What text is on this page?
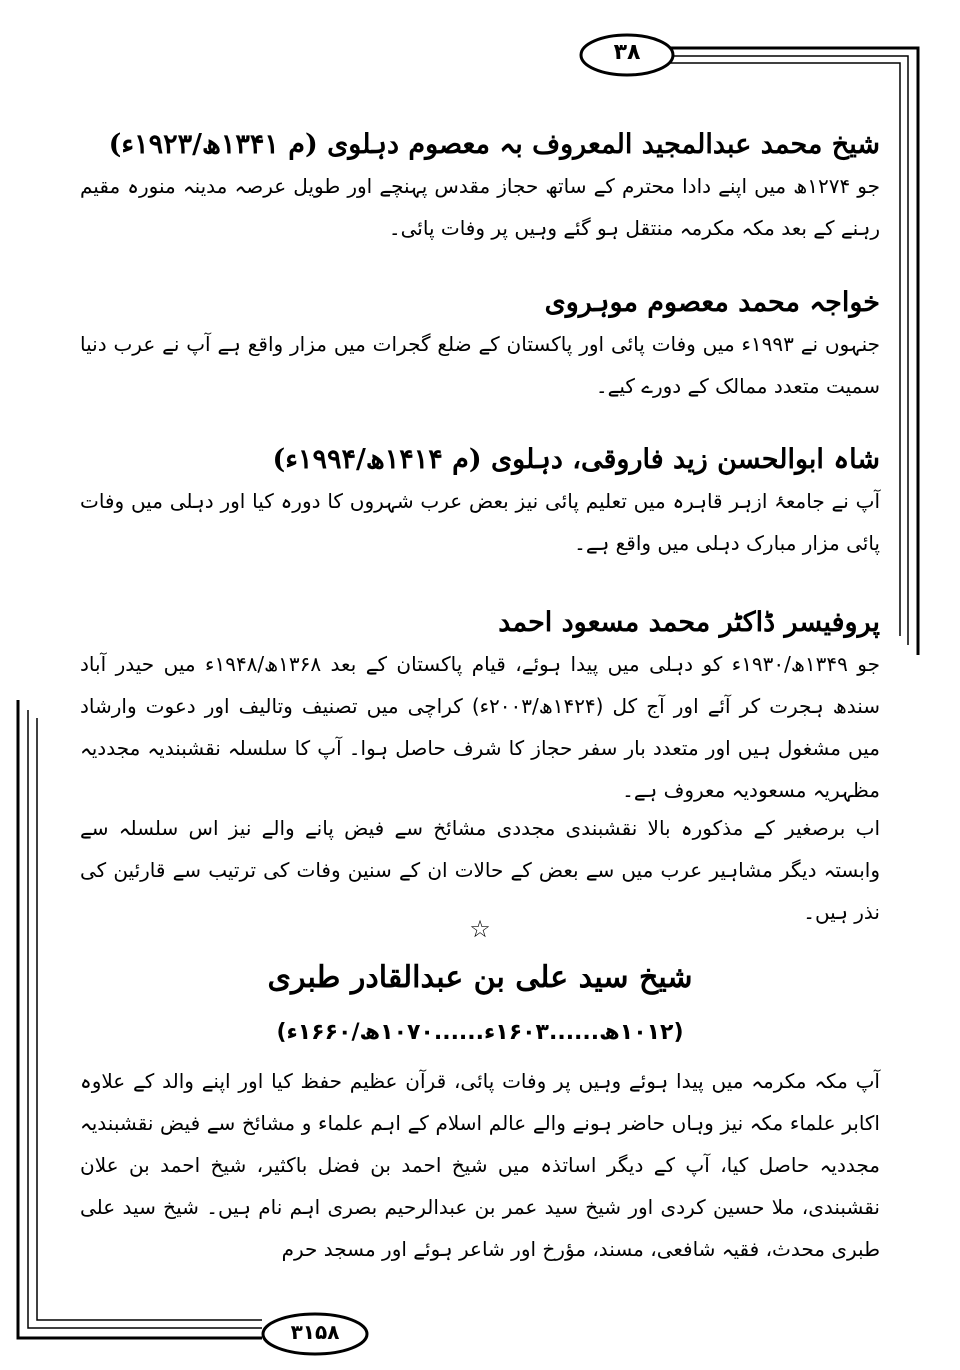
۳۸
۳۱۵۸
شیخ محمد عبدالمجید المعروف بہ معصوم دہلوی (م ۱۳۴۱ھ/۱۹۲۳ء)
جو ۱۲۷۴ھ میں اپنے دادا محترم کے ساتھ حجاز مقدس پہنچے اور طویل عرصہ مدینہ منورہ مقیم رہنے کے بعد مکہ مکرمہ منتقل ہو گئے وہیں پر وفات پائی۔
خواجہ محمد معصوم موہروی
جنہوں نے ۱۹۹۳ء میں وفات پائی اور پاکستان کے ضلع گجرات میں مزار واقع ہے آپ نے عرب دنیا سمیت متعدد ممالک کے دورے کیے۔
شاہ ابوالحسن زید فاروقی، دہلوی (م ۱۴۱۴ھ/۱۹۹۴ء)
آپ نے جامعۂ ازہر قاہرہ میں تعلیم پائی نیز بعض عرب شہروں کا دورہ کیا اور دہلی میں وفات پائی مزار مبارک دہلی میں واقع ہے۔
پروفیسر ڈاکٹر محمد مسعود احمد
جو ۱۳۴۹ھ/۱۹۳۰ء کو دہلی میں پیدا ہوئے، قیام پاکستان کے بعد ۱۳۶۸ھ/۱۹۴۸ء میں حیدر آباد سندھ ہجرت کر آئے اور آج کل (۱۴۲۴ھ/۲۰۰۳ء) کراچی میں تصنیف وتالیف اور دعوت وارشاد میں مشغول ہیں اور متعدد بار سفر حجاز کا شرف حاصل ہوا۔ آپ کا سلسلہ نقشبندیہ مجددیہ مظہریہ مسعودیہ معروف ہے۔
اب برصغیر کے مذکورہ بالا نقشبندی مجددی مشائخ سے فیض پانے والے نیز اس سلسلہ سے وابستہ دیگر مشاہیر عرب میں سے بعض کے حالات ان کے سنین وفات کی ترتیب سے قارئین کی نذر ہیں۔
☆
شیخ سید علی بن عبدالقادر طبری
(۱۰۱۲ھ......۱۶۰۳ء......۱۰۷۰ھ/۱۶۶۰ء)
آپ مکہ مکرمہ میں پیدا ہوئے وہیں پر وفات پائی، قرآن عظیم حفظ کیا اور اپنے والد کے علاوہ اکابر علماء مکہ نیز وہاں حاضر ہونے والے عالم اسلام کے اہم علماء و مشائخ سے فیض نقشبندیہ مجددیہ حاصل کیا، آپ کے دیگر اساتذہ میں شیخ احمد بن فضل باکثیر، شیخ احمد بن علان نقشبندی، ملا حسین کردی اور شیخ سید عمر بن عبدالرحیم بصری اہم نام ہیں۔ شیخ سید علی طبری محدث، فقیہ شافعی، مسند، مؤرخ اور شاعر ہوئے اور مسجد حرم
